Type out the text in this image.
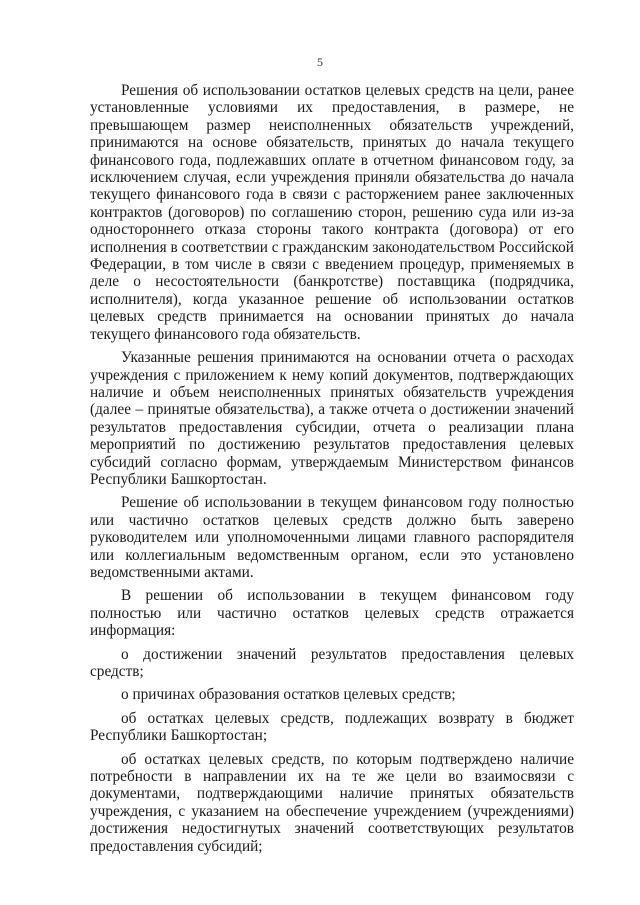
5

Решения об использовании остатков целевых средств на цели, ранее установленные условиями их предоставления, в размере, не превышающем размер неисполненных обязательств учреждений, принимаются на основе обязательств, принятых до начала текущего финансового года, подлежавших оплате в отчетном финансовом году, за исключением случая, если учреждения приняли обязательства до начала текущего финансового года в связи с расторжением ранее заключенных контрактов (договоров) по соглашению сторон, решению суда или из-за одностороннего отказа стороны такого контракта (договора) от его исполнения в соответствии с гражданским законодательством Российской Федерации, в том числе в связи с введением процедур, применяемых в деле о несостоятельности (банкротстве) поставщика (подрядчика, исполнителя), когда указанное решение об использовании остатков целевых средств принимается на основании принятых до начала текущего финансового года обязательств.

Указанные решения принимаются на основании отчета о расходах учреждения с приложением к нему копий документов, подтверждающих наличие и объем неисполненных принятых обязательств учреждения (далее – принятые обязательства), а также отчета о достижении значений результатов предоставления субсидии, отчета о реализации плана мероприятий по достижению результатов предоставления целевых субсидий согласно формам, утверждаемым Министерством финансов Республики Башкортостан.

Решение об использовании в текущем финансовом году полностью или частично остатков целевых средств должно быть заверено руководителем или уполномоченными лицами главного распорядителя или коллегиальным ведомственным органом, если это установлено ведомственными актами.

В решении об использовании в текущем финансовом году полностью или частично остатков целевых средств отражается информация:

о достижении значений результатов предоставления целевых средств;

о причинах образования остатков целевых средств;

об остатках целевых средств, подлежащих возврату в бюджет Республики Башкортостан;

об остатках целевых средств, по которым подтверждено наличие потребности в направлении их на те же цели во взаимосвязи с документами, подтверждающими наличие принятых обязательств учреждения, с указанием на обеспечение учреждением (учреждениями) достижения недостигнутых значений соответствующих результатов предоставления субсидий;
